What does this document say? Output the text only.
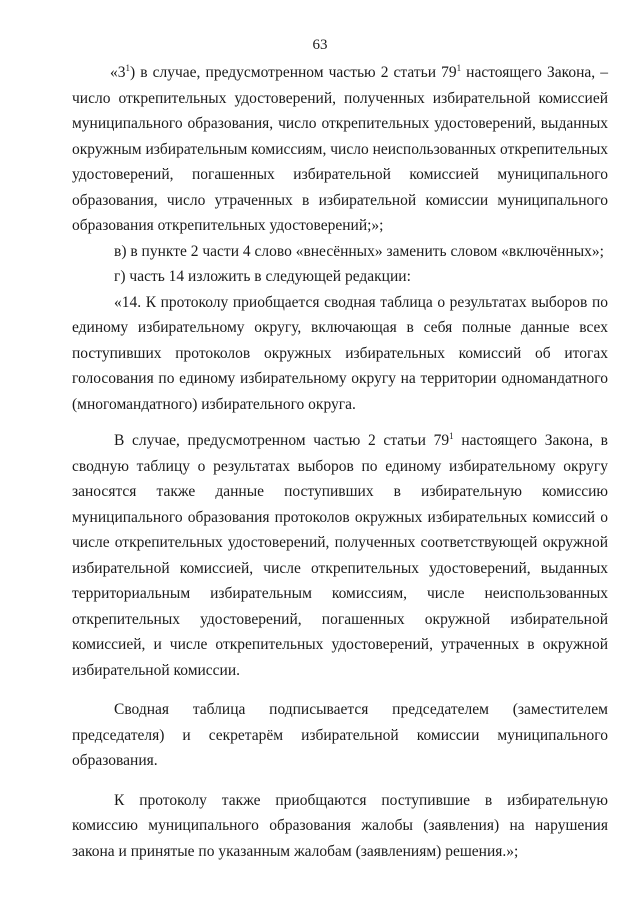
63

«$3^1$) в случае, предусмотренном частью 2 статьи $79^1$ настоящего Закона, – число открепительных удостоверений, полученных избирательной комиссией муниципального образования, число открепительных удостоверений, выданных окружным избирательным комиссиям, число неиспользованных открепительных удостоверений, погашенных избирательной комиссией муниципального образования, число утраченных в избирательной комиссии муниципального образования открепительных удостоверений;»;

в) в пункте 2 части 4 слово «внесённых» заменить словом «включённых»;

г) часть 14 изложить в следующей редакции:

«14. К протоколу приобщается сводная таблица о результатах выборов по единому избирательному округу, включающая в себя полные данные всех поступивших протоколов окружных избирательных комиссий об итогах голосования по единому избирательному округу на территории одномандатного (многомандатного) избирательного округа.

В случае, предусмотренном частью 2 статьи $79^1$ настоящего Закона, в сводную таблицу о результатах выборов по единому избирательному округу заносятся также данные поступивших в избирательную комиссию муниципального образования протоколов окружных избирательных комиссий о числе открепительных удостоверений, полученных соответствующей окружной избирательной комиссией, числе открепительных удостоверений, выданных территориальным избирательным комиссиям, числе неиспользованных открепительных удостоверений, погашенных окружной избирательной комиссией, и числе открепительных удостоверений, утраченных в окружной избирательной комиссии.

Сводная таблица подписывается председателем (заместителем председателя) и секретарём избирательной комиссии муниципального образования.

К протоколу также приобщаются поступившие в избирательную комиссию муниципального образования жалобы (заявления) на нарушения закона и принятые по указанным жалобам (заявлениям) решения.»;
